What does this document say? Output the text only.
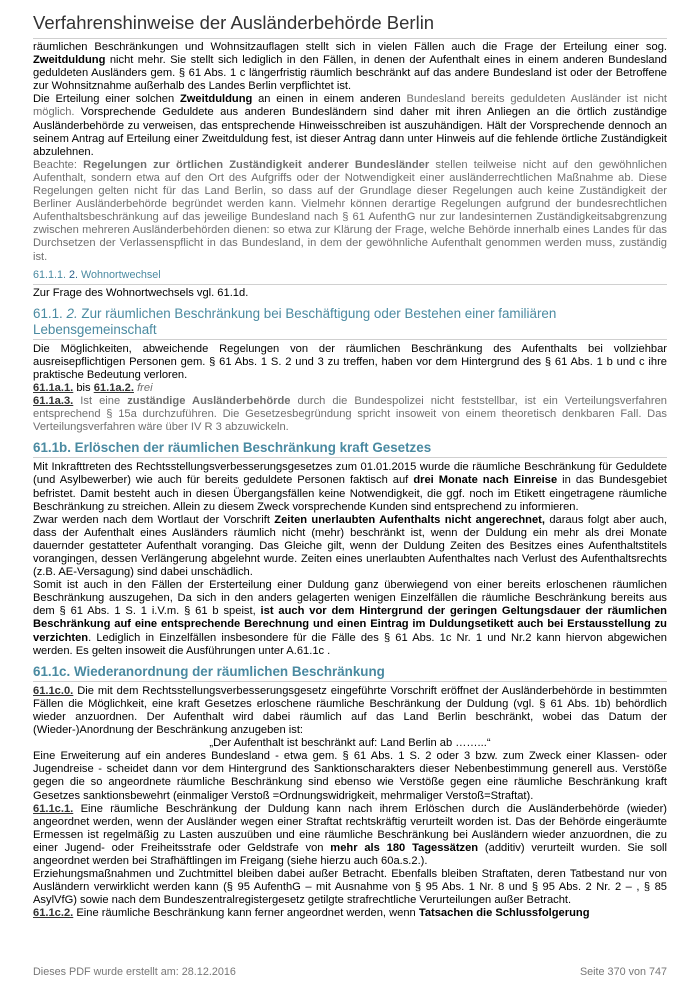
Verfahrenshinweise der Ausländerbehörde Berlin

räumlichen Beschränkungen und Wohnsitzauflagen stellt sich in vielen Fällen auch die Frage der Erteilung einer sog. Zweitduldung nicht mehr. Sie stellt sich lediglich in den Fällen, in denen der Aufenthalt eines in einem anderen Bundesland geduldeten Ausländers gem. § 61 Abs. 1 c längerfristig räumlich beschränkt auf das andere Bundesland ist oder der Betroffene zur Wohnsitznahme außerhalb des Landes Berlin verpflichtet ist.

Die Erteilung einer solchen Zweitduldung an einen in einem anderen Bundesland bereits geduldeten Ausländer ist nicht möglich. Vorsprechende Geduldete aus anderen Bundesländern sind daher mit ihren Anliegen an die örtlich zuständige Ausländerbehörde zu verweisen, das entsprechende Hinweisschreiben ist auszuhändigen. Hält der Vorsprechende dennoch an seinem Antrag auf Erteilung einer Zweitduldung fest, ist dieser Antrag dann unter Hinweis auf die fehlende örtliche Zuständigkeit abzulehnen.

Beachte: Regelungen zur örtlichen Zuständigkeit anderer Bundesländer stellen teilweise nicht auf den gewöhnlichen Aufenthalt, sondern etwa auf den Ort des Aufgriffs oder der Notwendigkeit einer ausländerrechtlichen Maßnahme ab. Diese Regelungen gelten nicht für das Land Berlin, so dass auf der Grundlage dieser Regelungen auch keine Zuständigkeit der Berliner Ausländerbehörde begründet werden kann. Vielmehr können derartige Regelungen aufgrund der bundesrechtlichen Aufenthaltsbeschränkung auf das jeweilige Bundesland nach § 61 AufenthG nur zur landesinternen Zuständigkeitsabgrenzung zwischen mehreren Ausländerbehörden dienen: so etwa zur Klärung der Frage, welche Behörde innerhalb eines Landes für das Durchsetzen der Verlassenspflicht in das Bundesland, in dem der gewöhnliche Aufenthalt genommen werden muss, zuständig ist.

61.1.1. 2. Wohnortwechsel

Zur Frage des Wohnortwechsels vgl. 61.1d.

61.1. 2. Zur räumlichen Beschränkung bei Beschäftigung oder Bestehen einer familiären Lebensgemeinschaft

Die Möglichkeiten, abweichende Regelungen von der räumlichen Beschränkung des Aufenthalts bei vollziehbar ausreisepflichtigen Personen gem. § 61 Abs. 1 S. 2 und 3 zu treffen, haben vor dem Hintergrund des § 61 Abs. 1 b und c ihre praktische Bedeutung verloren.

61.1a.1. bis 61.1a.2. frei

61.1a.3. Ist eine zuständige Ausländerbehörde durch die Bundespolizei nicht feststellbar, ist ein Verteilungsverfahren entsprechend § 15a durchzuführen. Die Gesetzesbegründung spricht insoweit von einem theoretisch denkbaren Fall. Das Verteilungsverfahren wäre über IV R 3 abzuwickeln.

61.1b. Erlöschen der räumlichen Beschränkung kraft Gesetzes

Mit Inkrafttreten des Rechtsstellungsverbesserungsgesetzes zum 01.01.2015 wurde die räumliche Beschränkung für Geduldete (und Asylbewerber) wie auch für bereits geduldete Personen faktisch auf drei Monate nach Einreise in das Bundesgebiet befristet. Damit besteht auch in diesen Übergangsfällen keine Notwendigkeit, die ggf. noch im Etikett eingetragene räumliche Beschränkung zu streichen. Allein zu diesem Zweck vorsprechende Kunden sind entsprechend zu informieren.

Zwar werden nach dem Wortlaut der Vorschrift Zeiten unerlaubten Aufenthalts nicht angerechnet, daraus folgt aber auch, dass der Aufenthalt eines Ausländers räumlich nicht (mehr) beschränkt ist, wenn der Duldung ein mehr als drei Monate dauernder gestatteter Aufenthalt voranging. Das Gleiche gilt, wenn der Duldung Zeiten des Besitzes eines Aufenthaltstitels vorangingen, dessen Verlängerung abgelehnt wurde. Zeiten eines unerlaubten Aufenthaltes nach Verlust des Aufenthaltsrechts (z.B. AE-Versagung) sind dabei unschädlich.

Somit ist auch in den Fällen der Ersterteilung einer Duldung ganz überwiegend von einer bereits erloschenen räumlichen Beschränkung auszugehen, Da sich in den anders gelagerten wenigen Einzelfällen die räumliche Beschränkung bereits aus dem § 61 Abs. 1 S. 1 i.V.m. § 61 b speist, ist auch vor dem Hintergrund der geringen Geltungsdauer der räumlichen Beschränkung auf eine entsprechende Berechnung und einen Eintrag im Duldungsetikett auch bei Erstausstellung zu verzichten. Lediglich in Einzelfällen insbesondere für die Fälle des § 61 Abs. 1c Nr. 1 und Nr.2 kann hiervon abgewichen werden. Es gelten insoweit die Ausführungen unter A.61.1c .

61.1c. Wiederanordnung der räumlichen Beschränkung

61.1c.0. Die mit dem Rechtsstellungsverbesserungsgesetz eingeführte Vorschrift eröffnet der Ausländerbehörde in bestimmten Fällen die Möglichkeit, eine kraft Gesetzes erloschene räumliche Beschränkung der Duldung (vgl. § 61 Abs. 1b) behördlich wieder anzuordnen. Der Aufenthalt wird dabei räumlich auf das Land Berlin beschränkt, wobei das Datum der (Wieder-)Anordnung der Beschränkung anzugeben ist:

„Der Aufenthalt ist beschränkt auf: Land Berlin ab ……...“

Eine Erweiterung auf ein anderes Bundesland - etwa gem. § 61 Abs. 1 S. 2 oder 3 bzw. zum Zweck einer Klassen- oder Jugendreise - scheidet dann vor dem Hintergrund des Sanktionscharakters dieser Nebenbestimmung generell aus. Verstöße gegen die so angeordnete räumliche Beschränkung sind ebenso wie Verstöße gegen eine räumliche Beschränkung kraft Gesetzes sanktionsbewehrt (einmaliger Verstoß =Ordnungswidrigkeit, mehrmaliger Verstoß=Straftat).

61.1c.1. Eine räumliche Beschränkung der Duldung kann nach ihrem Erlöschen durch die Ausländerbehörde (wieder) angeordnet werden, wenn der Ausländer wegen einer Straftat rechtskräftig verurteilt worden ist. Das der Behörde eingeräumte Ermessen ist regelmäßig zu Lasten auszuüben und eine räumliche Beschränkung bei Ausländern wieder anzuordnen, die zu einer Jugend- oder Freiheitsstrafe oder Geldstrafe von mehr als 180 Tagessätzen (additiv) verurteilt wurden. Sie soll angeordnet werden bei Strafhäftlingen im Freigang (siehe hierzu auch 60a.s.2.).

Erziehungsmaßnahmen und Zuchtmittel bleiben dabei außer Betracht. Ebenfalls bleiben Straftaten, deren Tatbestand nur von Ausländern verwirklicht werden kann (§ 95 AufenthG – mit Ausnahme von § 95 Abs. 1 Nr. 8 und § 95 Abs. 2 Nr. 2 – , § 85 AsylVfG) sowie nach dem Bundeszentralregistergesetz getilgte strafrechtliche Verurteilungen außer Betracht.

61.1c.2. Eine räumliche Beschränkung kann ferner angeordnet werden, wenn Tatsachen die Schlussfolgerung

Dieses PDF wurde erstellt am: 28.12.2016	Seite 370 von 747
